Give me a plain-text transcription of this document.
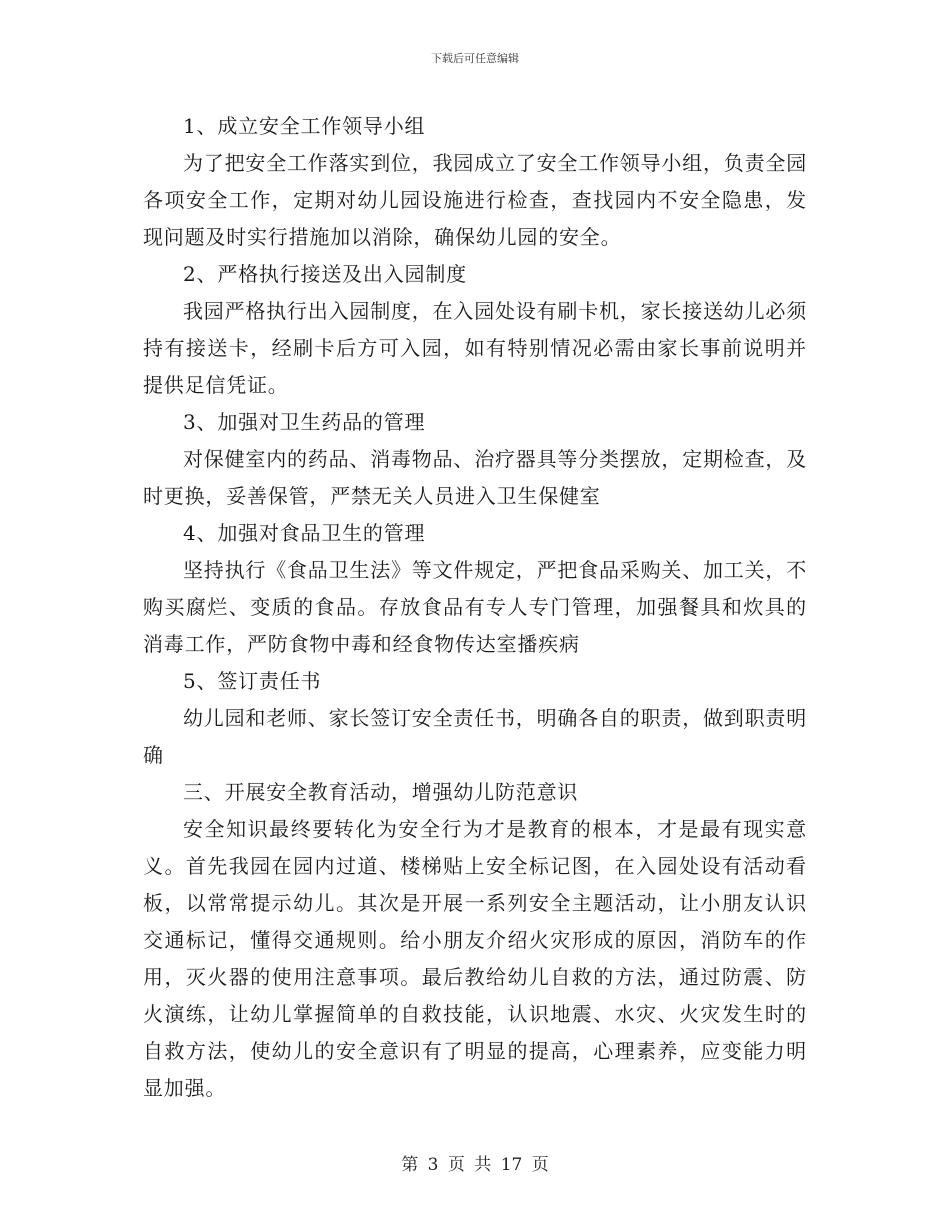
下载后可任意编辑

1、成立安全工作领导小组

为了把安全工作落实到位，我园成立了安全工作领导小组，负责全园各项安全工作，定期对幼儿园设施进行检查，查找园内不安全隐患，发现问题及时实行措施加以消除，确保幼儿园的安全。

2、严格执行接送及出入园制度

我园严格执行出入园制度，在入园处设有刷卡机，家长接送幼儿必须持有接送卡，经刷卡后方可入园，如有特别情况必需由家长事前说明并提供足信凭证。

3、加强对卫生药品的管理

对保健室内的药品、消毒物品、治疗器具等分类摆放，定期检查，及时更换，妥善保管，严禁无关人员进入卫生保健室

4、加强对食品卫生的管理

坚持执行《食品卫生法》等文件规定，严把食品采购关、加工关，不购买腐烂、变质的食品。存放食品有专人专门管理，加强餐具和炊具的消毒工作，严防食物中毒和经食物传达室播疾病

5、签订责任书

幼儿园和老师、家长签订安全责任书，明确各自的职责，做到职责明确

三、开展安全教育活动，增强幼儿防范意识

安全知识最终要转化为安全行为才是教育的根本，才是最有现实意义。首先我园在园内过道、楼梯贴上安全标记图，在入园处设有活动看板，以常常提示幼儿。其次是开展一系列安全主题活动，让小朋友认识交通标记，懂得交通规则。给小朋友介绍火灾形成的原因，消防车的作用，灭火器的使用注意事项。最后教给幼儿自救的方法，通过防震、防火演练，让幼儿掌握简单的自救技能，认识地震、水灾、火灾发生时的自救方法，使幼儿的安全意识有了明显的提高，心理素养，应变能力明显加强。

第 3 页 共 17 页
